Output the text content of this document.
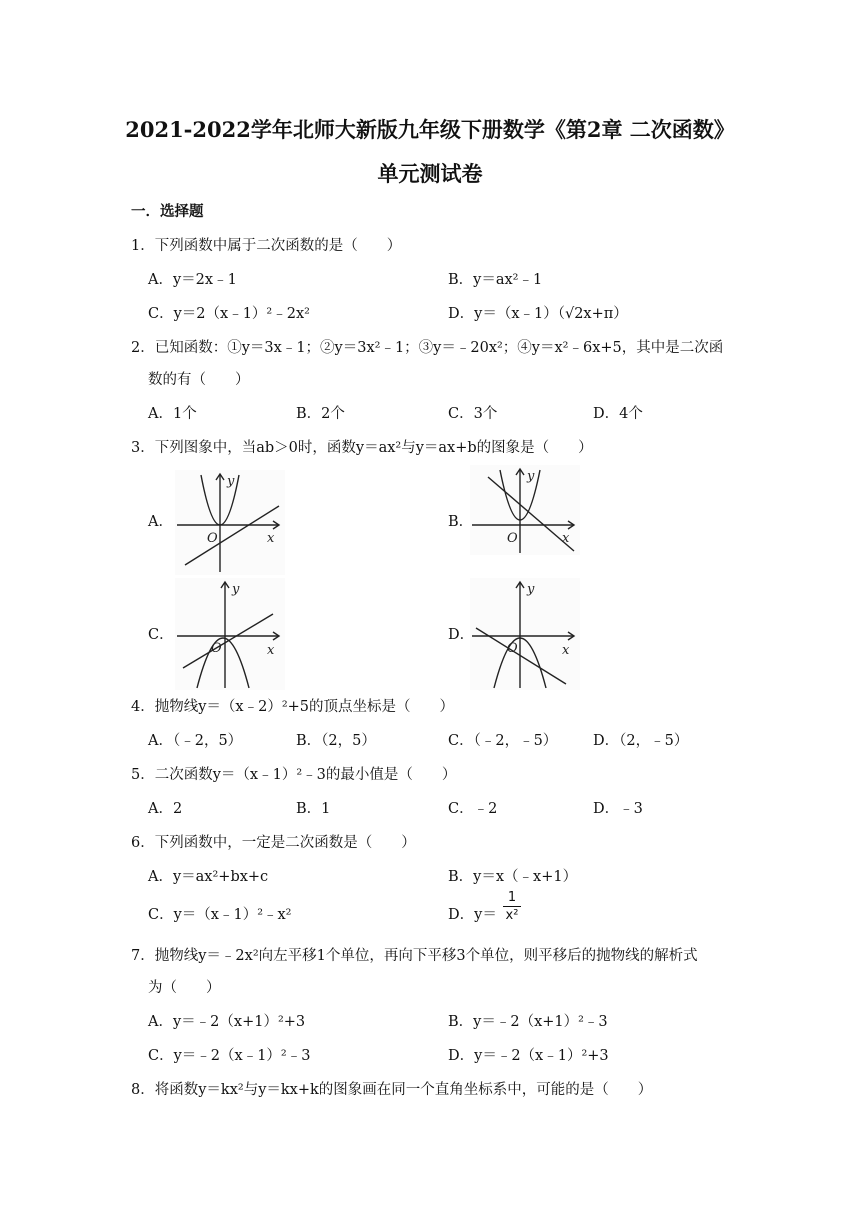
2021-2022学年北师大新版九年级下册数学《第2章 二次函数》
单元测试卷
一．选择题
1．下列函数中属于二次函数的是（　　）
A．y＝2x﹣1	B．y＝ax²﹣1
C．y＝2（x﹣1）²﹣2x²	D．y＝（x﹣1）（√2x+π）
2．已知函数：①y＝3x﹣1；②y＝3x²﹣1；③y＝﹣20x²；④y＝x²﹣6x+5，其中是二次函
数的有（　　）
A．1个	B．2个	C．3个	D．4个
3．下列图象中，当ab＞0时，函数y＝ax²与y＝ax+b的图象是（　　）
A．
x
y
O
B．
x
y
O
C．
x
y
O
D．
x
y
O
4．抛物线y＝（x﹣2）²+5的顶点坐标是（　　）
A．（﹣2，5）	B．（2，5）	C．（﹣2，﹣5） D．（2，﹣5）
5．二次函数y＝（x﹣1）²﹣3的最小值是（　　）
A．2	B．1	C．﹣2	D．﹣3
6．下列函数中，一定是二次函数是（　　）
A．y＝ax²+bx+c	B．y＝x（﹣x+1）
C．y＝（x﹣1）²﹣x²	D．y＝
1
x²
7．抛物线y＝﹣2x²向左平移1个单位，再向下平移3个单位，则平移后的抛物线的解析式
为（　　）
A．y＝﹣2（x+1）²+3	B．y＝﹣2（x+1）²﹣3
C．y＝﹣2（x﹣1）²﹣3	D．y＝﹣2（x﹣1）²+3
8．将函数y＝kx²与y＝kx+k的图象画在同一个直角坐标系中，可能的是（　　）
